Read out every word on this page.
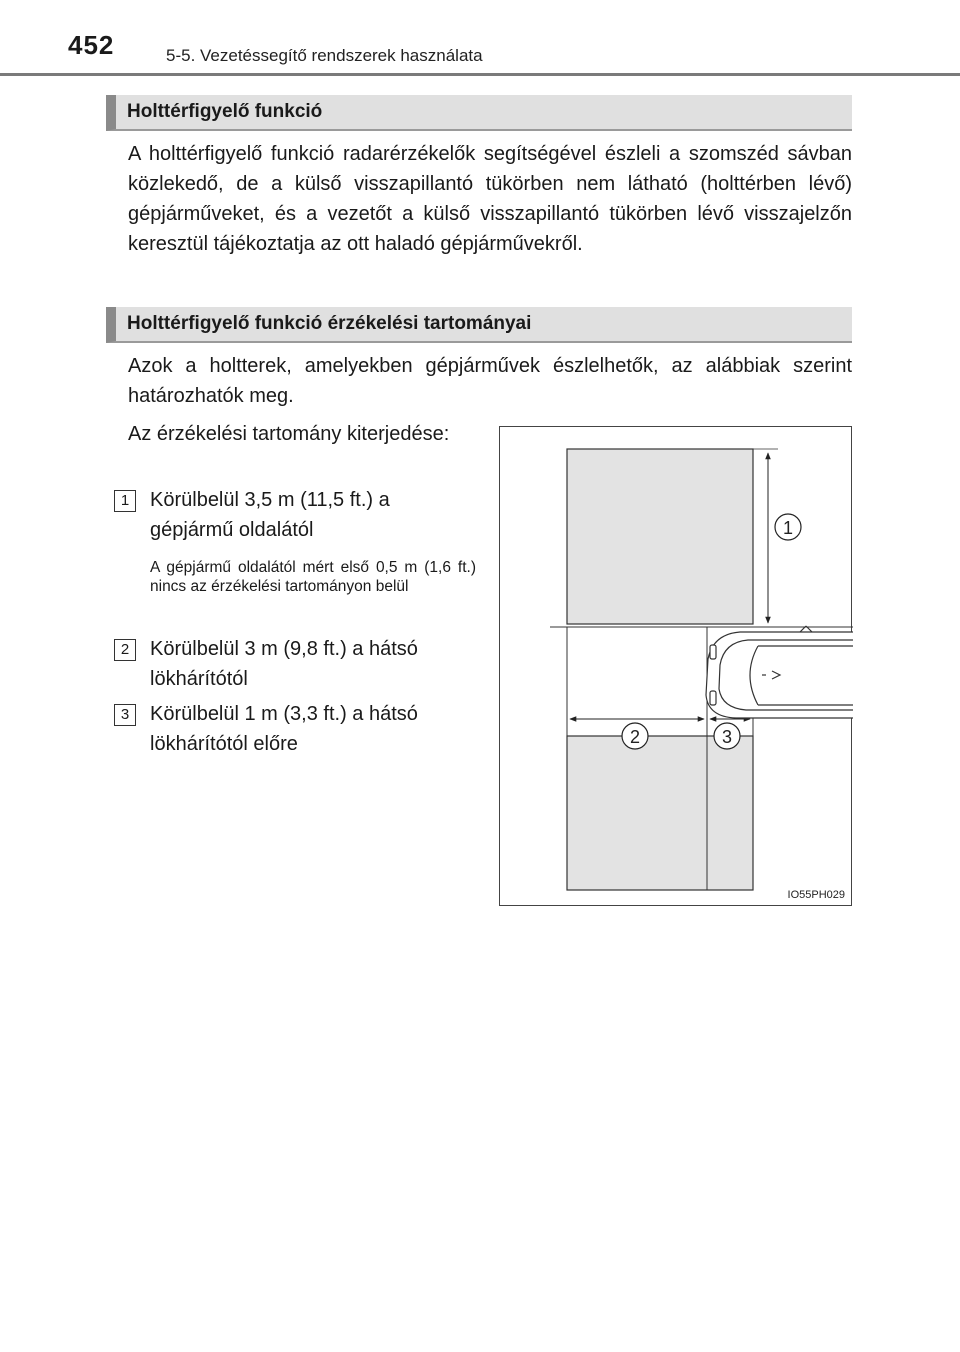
452	5-5. Vezetéssegítő rendszerek használata
Holttérfigyelő funkció
A holttérfigyelő funkció radarérzékelők segítségével észleli a szomszéd sávban közlekedő, de a külső visszapillantó tükörben nem látható (holttérben lévő) gépjárműveket, és a vezetőt a külső visszapillantó tükörben lévő visszajelzőn keresztül tájékoztatja az ott haladó gépjárművekről.
Holttérfigyelő funkció érzékelési tartományai
Azok a holtterek, amelyekben gépjárművek észlelhetők, az alábbiak szerint határozhatók meg.
Az érzékelési tartomány kiterjedése:
1	Körülbelül 3,5 m (11,5 ft.) a gépjármű oldalától
A gépjármű oldalától mért első 0,5 m (1,6 ft.) nincs az érzékelési tartományon belül
2	Körülbelül 3 m (9,8 ft.) a hátsó lökhárítótól
3	Körülbelül 1 m (3,3 ft.) a hátsó lökhárítótól előre
1
2	3
IO55PH029
